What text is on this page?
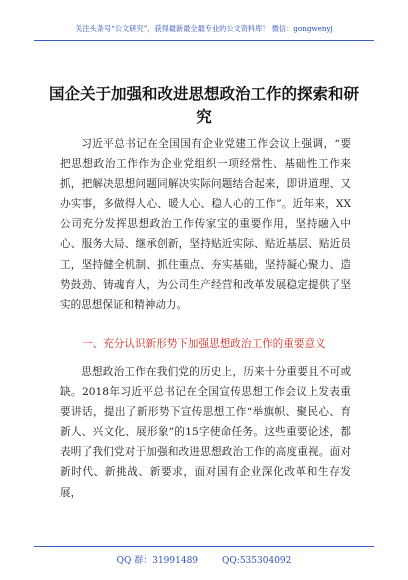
关注头条号“公文研究”，获得最新最全最专业的公文资料库！ 微信：gongwenyj
国企关于加强和改进思想政治工作的探索和研究
习近平总书记在全国国有企业党建工作会议上强调，“要把思想政治工作作为企业党组织一项经常性、基础性工作来抓，把解决思想问题同解决实际问题结合起来，即讲道理、又办实事，多做得人心、暖人心、稳人心的工作”。近年来，XX公司充分发挥思想政治工作传家宝的重要作用，坚持融入中心、服务大局、继承创新，坚持贴近实际、贴近基层、贴近员工，坚持健全机制、抓住重点、夯实基础，坚持凝心聚力、造势鼓劲、铸魂育人，为公司生产经营和改革发展稳定提供了坚实的思想保证和精神动力。
一、充分认识新形势下加强思想政治工作的重要意义
思想政治工作在我们党的历史上，历来十分重要且不可或缺。2018年习近平总书记在全国宣传思想工作会议上发表重要讲话，提出了新形势下宣传思想工作“举旗帜、聚民心、育新人、兴文化、展形象”的15字使命任务。这些重要论述，都表明了我们党对于加强和改进思想政治工作的高度重视。面对新时代、新挑战、新要求，面对国有企业深化改革和生存发展，
QQ 群：31991489	QQ:535304092
